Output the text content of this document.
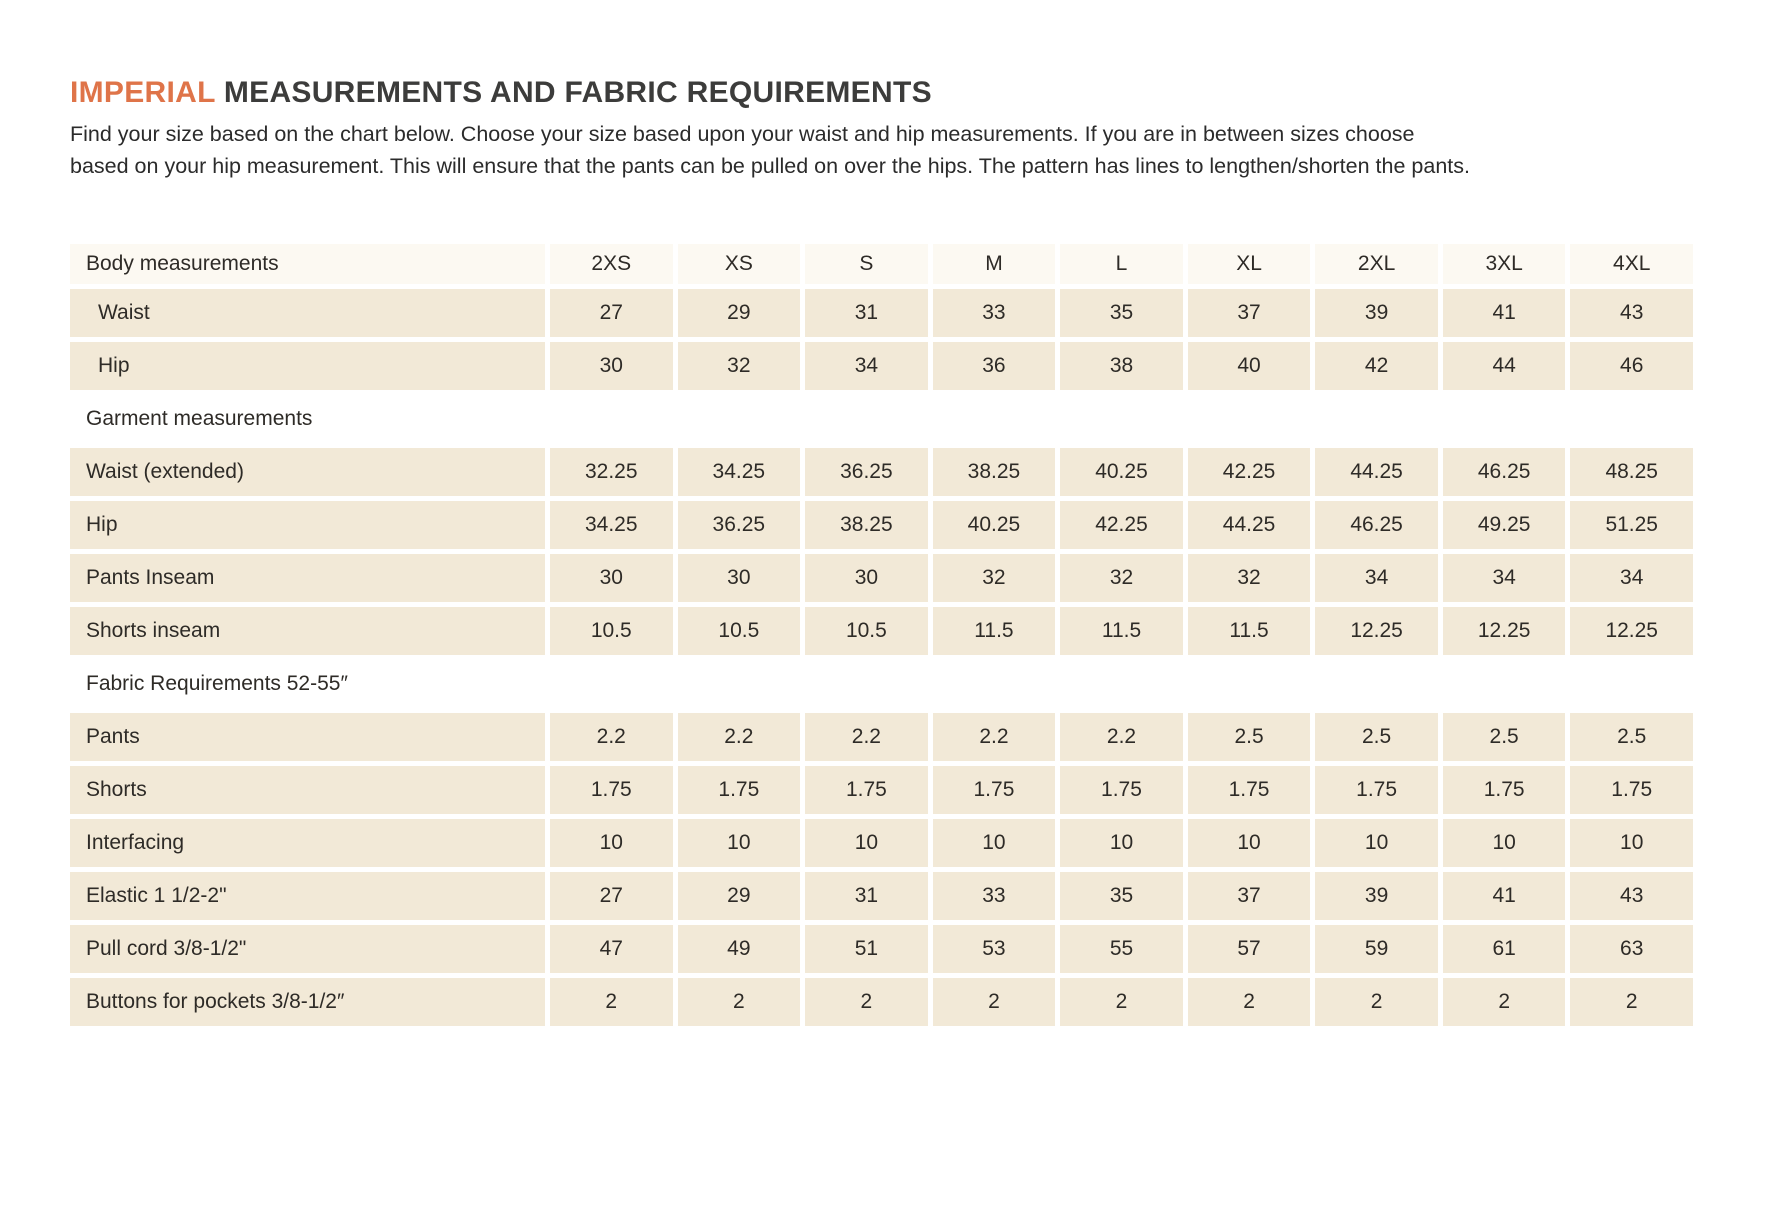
IMPERIAL MEASUREMENTS AND FABRIC REQUIREMENTS

Find your size based on the chart below. Choose your size based upon your waist and hip measurements. If you are in between sizes choose based on your hip measurement. This will ensure that the pants can be pulled on over the hips. The pattern has lines to lengthen/shorten the pants.

Body measurements	2XS	XS	S	M	L	XL	2XL	3XL	4XL
Waist	27	29	31	33	35	37	39	41	43
Hip	30	32	34	36	38	40	42	44	46
Garment measurements
Waist (extended)	32.25	34.25	36.25	38.25	40.25	42.25	44.25	46.25	48.25
Hip	34.25	36.25	38.25	40.25	42.25	44.25	46.25	49.25	51.25
Pants Inseam	30	30	30	32	32	32	34	34	34
Shorts inseam	10.5	10.5	10.5	11.5	11.5	11.5	12.25	12.25	12.25
Fabric Requirements 52-55″
Pants	2.2	2.2	2.2	2.2	2.2	2.5	2.5	2.5	2.5
Shorts	1.75	1.75	1.75	1.75	1.75	1.75	1.75	1.75	1.75
Interfacing	10	10	10	10	10	10	10	10	10
Elastic 1 1/2-2"	27	29	31	33	35	37	39	41	43
Pull cord 3/8-1/2"	47	49	51	53	55	57	59	61	63
Buttons for pockets 3/8-1/2″	2	2	2	2	2	2	2	2	2
